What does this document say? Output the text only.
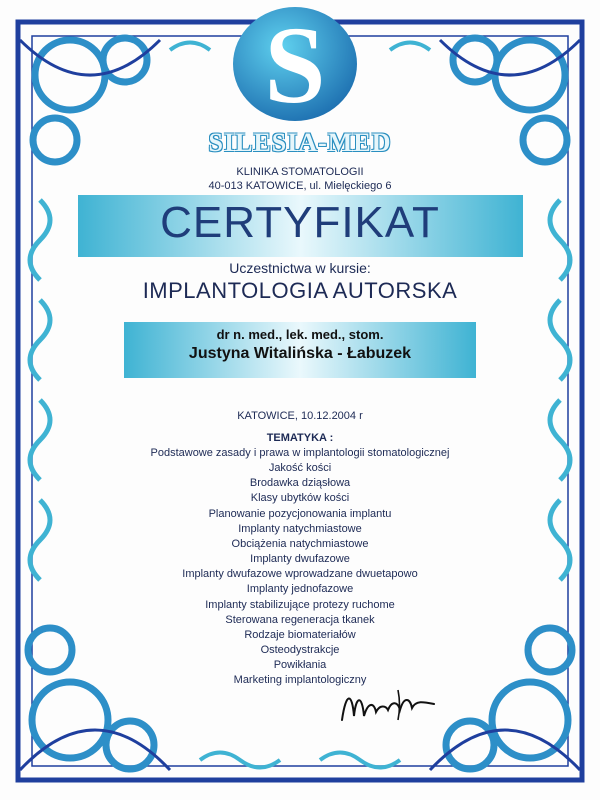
S
SILESIA-MED
KLINIKA STOMATOLOGII
40-013 KATOWICE, ul. Mielęckiego 6
CERTYFIKAT
Uczestnictwa w kursie:
IMPLANTOLOGIA AUTORSKA
dr n. med., lek. med., stom.
Justyna Witalińska - Łabuzek
KATOWICE, 10.12.2004 r
TEMATYKA :
Podstawowe zasady i prawa w implantologii stomatologicznej
Jakość kości
Brodawka dziąsłowa
Klasy ubytków kości
Planowanie pozycjonowania implantu
Implanty natychmiastowe
Obciążenia natychmiastowe
Implanty dwufazowe
Implanty dwufazowe wprowadzane dwuetapowo
Implanty jednofazowe
Implanty stabilizujące protezy ruchome
Sterowana regeneracja tkanek
Rodzaje biomateriałów
Osteodystrakcje
Powikłania
Marketing implantologiczny
